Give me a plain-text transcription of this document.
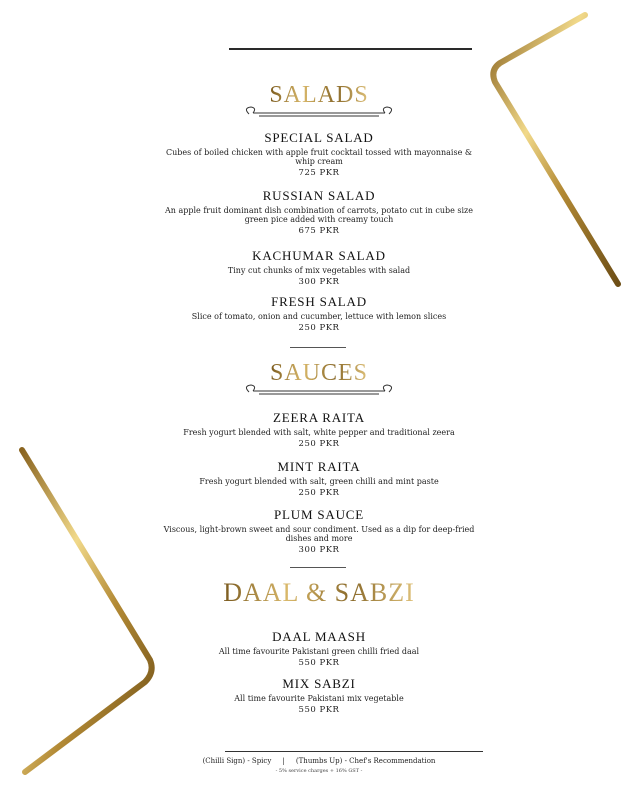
SALADS
SPECIAL SALAD
Cubes of boiled chicken with apple fruit cocktail tossed with mayonnaise & whip cream
725 PKR
RUSSIAN SALAD
An apple fruit dominant dish combination of carrots, potato cut in cube size green pice added with creamy touch
675 PKR
KACHUMAR SALAD
Tiny cut chunks of mix vegetables with salad
300 PKR
FRESH SALAD
Slice of tomato, onion and cucumber, lettuce with lemon slices
250 PKR
SAUCES
ZEERA RAITA
Fresh yogurt blended with salt, white pepper and traditional zeera
250 PKR
MINT RAITA
Fresh yogurt blended with salt, green chilli and mint paste
250 PKR
PLUM SAUCE
Viscous, light-brown sweet and sour condiment. Used as a dip for deep-fried dishes and more
300 PKR
DAAL & SABZI
DAAL MAASH
All time favourite Pakistani green chilli fried daal
550 PKR
MIX SABZI
All time favourite Pakistani mix vegetable
550 PKR
(Chilli Sign) - Spicy     |     (Thumbs Up) - Chef's Recommendation
- 5% service charges + 16% GST -
